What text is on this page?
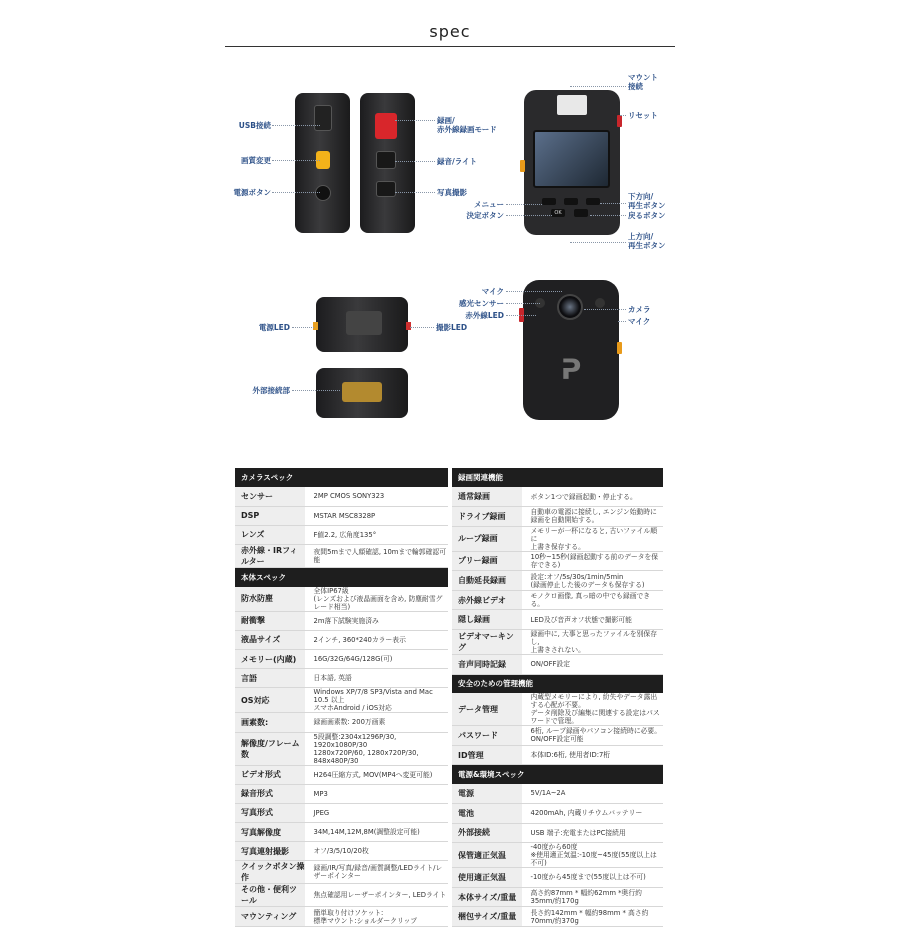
spec
OK
ᕈ
USB接続
画質変更
電源ボタン
録画/
赤外線録画モード
録音/ライト
写真撮影
マウント
接続
リセット
メニュー
決定ボタン
下方向/
再生ボタン
戻るボタン
上方向/
再生ボタン
電源LED	撮影LED
外部接続部
マイク
感光センサー
赤外線LED
カメラ
マイク
カメラスペック	
センサー	2MP CMOS SONY323
DSP	MSTAR MSC8328P
レンズ	F値2.2, 広角度135°
赤外線・IRフィルター	夜間5mまで人顔確認, 10mまで輪郭確認可能
本体スペック	
防水防塵	全体IP67級
(レンズおよび液晶画面を含め, 防塵耐雪グレード相当)
耐衝撃	2m落下試験実施済み
液晶サイズ	2インチ, 360*240カラー表示
メモリー(内蔵)	16G/32G/64G/128G(可)
言語	日本語, 英語
OS対応	Windows XP/7/8 SP3/Vista and Mac 10.5 以上
スマホAndroid / iOS対応
画素数:	録画画素数: 200万画素
解像度/フレーム数	5段調整:2304x1296P/30, 1920x1080P/30
1280x720P/60, 1280x720P/30, 848x480P/30
ビデオ形式	H264圧縮方式, MOV(MP4へ変更可能)
録音形式	MP3
写真形式	JPEG
写真解像度	34M,14M,12M,8M(調整設定可能)
写真連射撮影	オフ/3/5/10/20枚
クイックボタン操作	録画/IR/写真/録音/画質調整/LEDライト/レザーポインター
その他・便利ツール	焦点確認用レーザーポインター, LEDライト
マウンティング	簡単取り付けソケット:
標準マウント:ショルダークリップ
録画関連機能	
通常録画	ボタン1つで録画起動・停止する。
ドライブ録画	自動車の電源に接続し, エンジン始動時に
録画を自動開始する。
ループ録画	メモリーが一杯になると, 古いファイル順に
上書き保存する。
プリー録画	10秒~15秒(録画起動する前のデータを保存できる)
自動延長録画	設定:オフ/5s/30s/1min/5min
(録画停止した後のデータも保存する)
赤外線ビデオ	モノクロ画像, 真っ暗の中でも録画できる。
隠し録画	LED及び音声オフ状態で撮影可能
ビデオマーキング	録画中に, 大事と思ったファイルを別保存し,
上書きされない。
音声同時記録	ON/OFF設定
安全のための管理機能	
データ管理	内蔵型メモリーにより, 紛失やデータ露出する心配が不要。
データ削除及び編集に関連する設定はパスワードで管理。
パスワード	6桁, ループ録画やパソコン接続時に必要。
ON/OFF設定可能
ID管理	本体ID:6桁, 使用者ID:7桁
電源&環境スペック	
電源	5V/1A~2A
電池	4200mAh, 内蔵リチウムバッテリー
外部接続	USB 端子:充電またはPC接続用
保管適正気温	-40度から60度
※使用適正気温:-10度~45度(55度以上は不可)
使用適正気温	-10度から45度まで(55度以上は不可)
本体サイズ/重量	高さ約87mm * 幅約62mm *奥行約35mm/約170g
梱包サイズ/重量	長さ約142mm * 幅約98mm * 高さ約70mm/約370g
